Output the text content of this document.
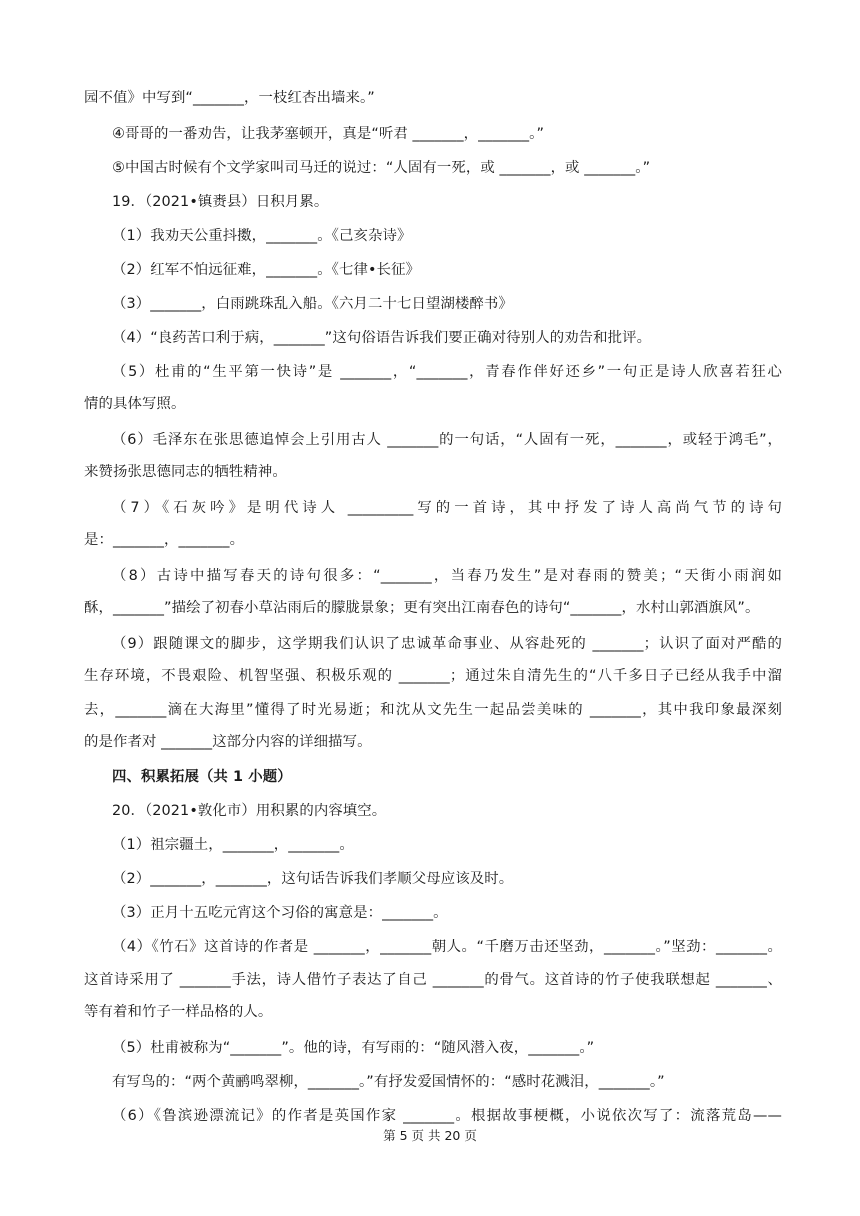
园不值》中写到“_______，一枝红杏出墙来。”
④哥哥的一番劝告，让我茅塞顿开，真是“听君 _______，_______。”
⑤中国古时候有个文学家叫司马迁的说过：“人固有一死，或 _______，或 _______。”
19．（2021•镇赉县）日积月累。
（1）我劝天公重抖擞，_______。《己亥杂诗》
（2）红军不怕远征难，_______。《七律•长征》
（3）_______，白雨跳珠乱入船。《六月二十七日望湖楼醉书》
（4）“良药苦口利于病，_______”这句俗语告诉我们要正确对待别人的劝告和批评。
（5）杜甫的“生平第一快诗”是 _______，“_______，青春作伴好还乡”一句正是诗人欣喜若狂心
情的具体写照。
（6）毛泽东在张思德追悼会上引用古人 _______的一句话，“人固有一死，_______，或轻于鸿毛”，
来赞扬张思德同志的牺牲精神。
（7）《石灰吟》是明代诗人 _________写的一首诗，其中抒发了诗人高尚气节的诗句
是：_______，_______。
（8）古诗中描写春天的诗句很多：“_______，当春乃发生”是对春雨的赞美；“天街小雨润如
酥，_______”描绘了初春小草沾雨后的朦胧景象；更有突出江南春色的诗句“_______，水村山郭酒旗风”。
（9）跟随课文的脚步，这学期我们认识了忠诚革命事业、从容赴死的 _______；认识了面对严酷的
生存环境，不畏艰险、机智坚强、积极乐观的 _______；通过朱自清先生的“八千多日子已经从我手中溜
去，_______滴在大海里”懂得了时光易逝；和沈从文先生一起品尝美味的 _______，其中我印象最深刻
的是作者对 _______这部分内容的详细描写。
四、积累拓展（共 1 小题）
20．（2021•敦化市）用积累的内容填空。
（1）祖宗疆土，_______，_______。
（2）_______，_______，这句话告诉我们孝顺父母应该及时。
（3）正月十五吃元宵这个习俗的寓意是：_______。
（4）《竹石》这首诗的作者是 _______，_______朝人。“千磨万击还坚劲，_______。”坚劲：_______。
这首诗采用了 _______手法，诗人借竹子表达了自己 _______的骨气。这首诗的竹子使我联想起 _______、
等有着和竹子一样品格的人。
（5）杜甫被称为“_______”。他的诗，有写雨的：“随风潜入夜，_______。”
有写鸟的：“两个黄鹂鸣翠柳，_______。”有抒发爱国情怀的：“感时花溅泪，_______。”
（6）《鲁滨逊漂流记》的作者是英国作家 _______。根据故事梗概，小说依次写了：流落荒岛——
第 5 页 共 20 页
